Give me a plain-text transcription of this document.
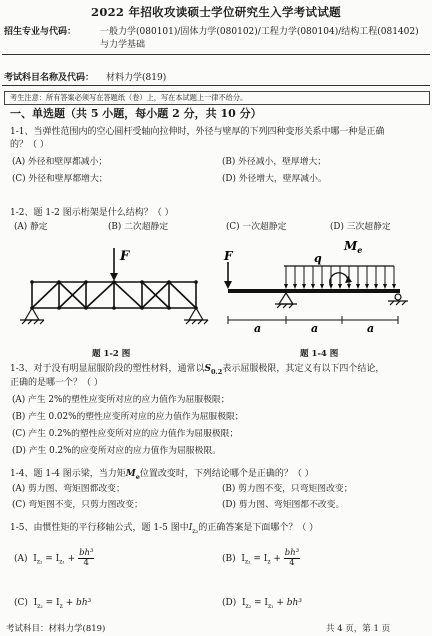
2022 年招收攻读硕士学位研究生入学考试试题
招生专业与代码：	一般力学(080101)/固体力学(080102)/工程力学(080104)/结构工程(081402)
与力学基础
考试科目名称及代码： 材料力学(819)
考生注意：所有答案必须写在答题纸（卷）上，写在本试题上一律不给分。
一、单选题（共 5 小题，每小题 2 分，共 10 分）
1-1、当弹性范围内的空心圆杆受轴向拉伸时，外径与壁厚的下列四种变形关系中哪一种是正确
的？（ ）
(A) 外径和壁厚都减小；	(B) 外径减小，壁厚增大；
(C) 外径和壁厚都增大；	(D) 外径增大，壁厚减小。
1-2、题 1-2 图示桁架是什么结构？（ ）
(A) 静定	(B) 二次超静定	(C) 一次超静定	(D) 三次超静定
F	F	q
$M_e$
a	a	a
题 1-2 图	题 1-4 图
1-3、对于没有明显屈服阶段的塑性材料，通常以$S_{0.2}$表示屈服极限，其定义有以下四个结论，
正确的是哪一个？（ ）
(A) 产生 2%的塑性应变所对应的应力值作为屈服极限；
(B) 产生 0.02%的塑性应变所对应的应力值作为屈服极限；
(C) 产生 0.2%的塑性应变所对应的应力值作为屈服极限；
(D) 产生 0.2%的应变所对应的应力值作为屈服极限。
1-4、题 1-4 图示梁，当力矩$M_e$位置改变时，下列结论哪个是正确的？（ ）
(A) 剪力图、弯矩图都改变；	(B) 剪力图不变，只弯矩图改变；
(C) 弯矩图不变，只剪力图改变；	(D) 剪力图、弯矩图都不改变。
1-5、由惯性矩的平行移轴公式，题 1-5 图中$I_{z_2}$的正确答案是下面哪个？（ ）
(A) $I_{z_2} = I_{z_1} + \frac{\text{bh³}}{4}$	(B) $I_{z_2} = I_z + \frac{\text{bh³}}{4}$
(C) $I_{z_2} = I_z + bh^3$	(D) $I_{z_2} = I_{z_1} + bh^3$
考试科目：材料力学(819)	共 4 页，第 1 页
